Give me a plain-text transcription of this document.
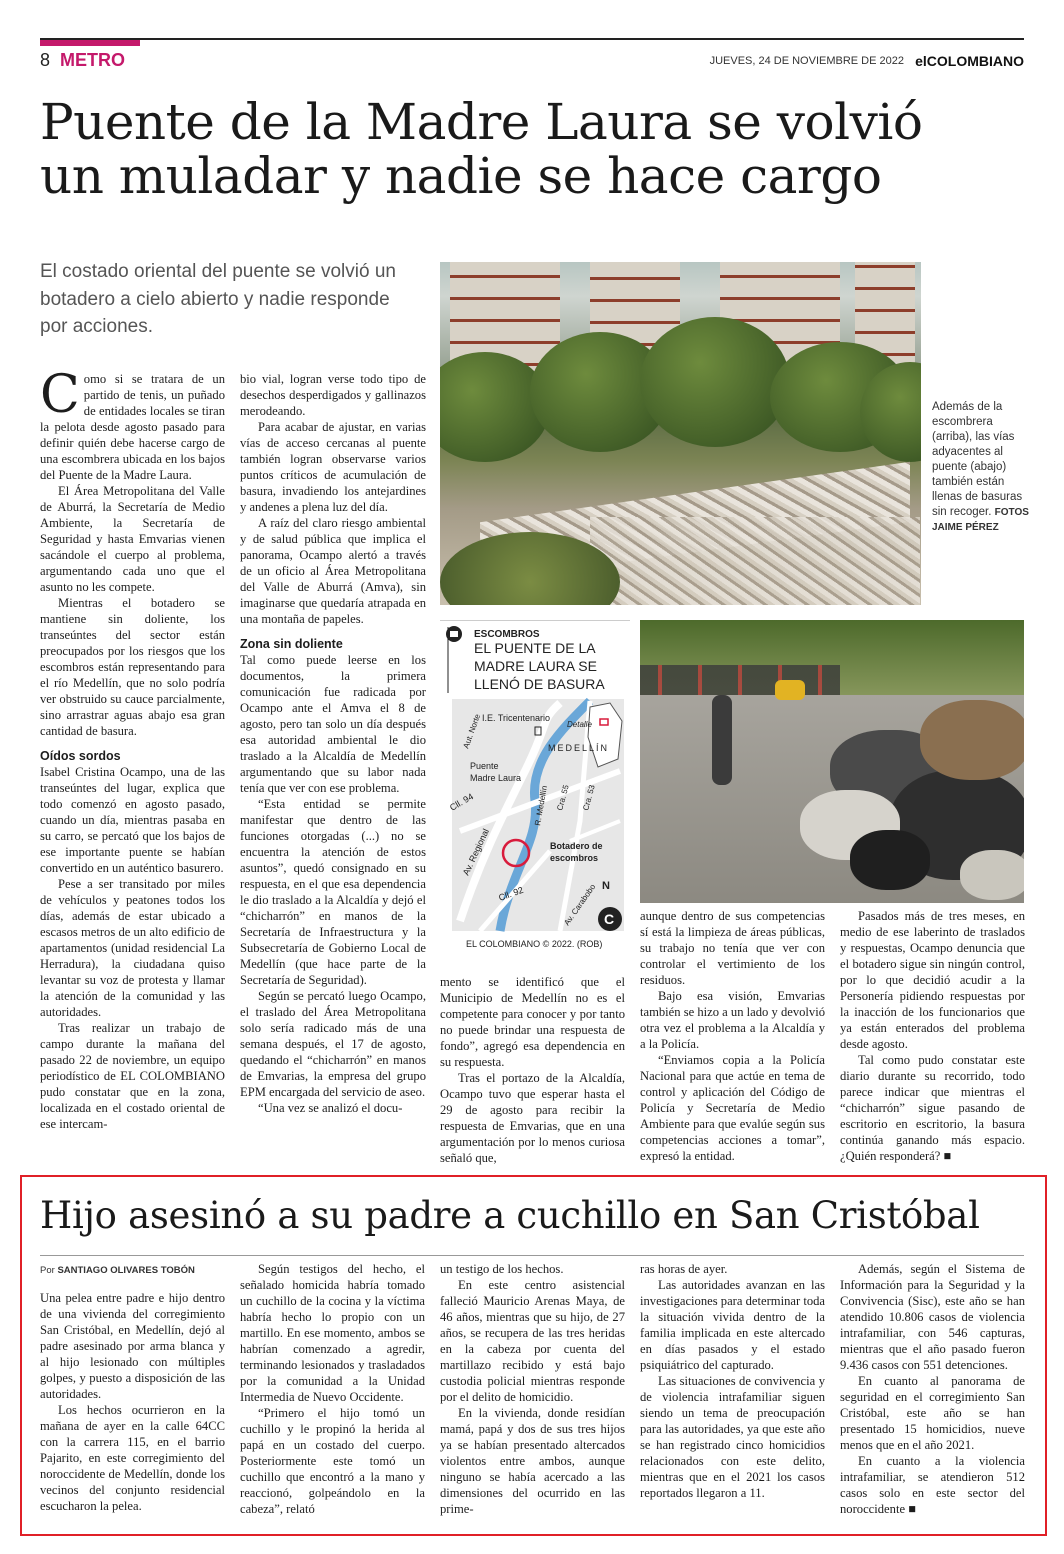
8 METRO	JUEVES, 24 DE NOVIEMBRE DE 2022 elCOLOMBIANO
Puente de la Madre Laura se volvió
un muladar y nadie se hace cargo
El costado oriental del puente se volvió un botadero a cielo abierto y nadie responde por acciones.

Como si se tratara de un partido de tenis, un puñado de entidades locales se tiran la pelota desde agosto pasado para definir quién debe hacerse cargo de una escombrera ubicada en los bajos del Puente de la Madre Laura.

El Área Metropolitana del Valle de Aburrá, la Secretaría de Medio Ambiente, la Secretaría de Seguridad y hasta Emvarias vienen sacándole el cuerpo al problema, argumentando cada uno que el asunto no les compete.

Mientras el botadero se mantiene sin doliente, los transeúntes del sector están preocupados por los riesgos que los escombros están representando para el río Medellín, que no solo podría ver obstruido su cauce parcialmente, sino arrastrar aguas abajo esa gran cantidad de basura.

Oídos sordos

Isabel Cristina Ocampo, una de las transeúntes del lugar, explica que todo comenzó en agosto pasado, cuando un día, mientras pasaba en su carro, se percató que los bajos de ese importante puente se habían convertido en un auténtico basurero.

Pese a ser transitado por miles de vehículos y peatones todos los días, además de estar ubicado a escasos metros de un alto edificio de apartamentos (unidad residencial La Herradura), la ciudadana quiso levantar su voz de protesta y llamar la atención de la comunidad y las autoridades.

Tras realizar un trabajo de campo durante la mañana del pasado 22 de noviembre, un equipo periodístico de EL COLOMBIANO pudo constatar que en la zona, localizada en el costado oriental de ese intercam-

bio vial, logran verse todo tipo de desechos desperdigados y gallinazos merodeando.

Para acabar de ajustar, en varias vías de acceso cercanas al puente también logran observarse varios puntos críticos de acumulación de basura, invadiendo los antejardines y andenes a plena luz del día.

A raíz del claro riesgo ambiental y de salud pública que implica el panorama, Ocampo alertó a través de un oficio al Área Metropolitana del Valle de Aburrá (Amva), sin imaginarse que quedaría atrapada en una montaña de papeles.

Zona sin doliente

Tal como puede leerse en los documentos, la primera comunicación fue radicada por Ocampo ante el Amva el 8 de agosto, pero tan solo un día después esa autoridad ambiental le dio traslado a la Alcaldía de Medellín argumentando que su labor nada tenía que ver con ese problema.

“Esta entidad se permite manifestar que dentro de las funciones otorgadas (...) no se encuentra la atención de estos asuntos”, quedó consignado en su respuesta, en el que esa dependencia le dio traslado a la Alcaldía y dejó el “chicharrón” en manos de la Secretaría de Infraestructura y la Subsecretaría de Gobierno Local de Medellín (que hace parte de la Secretaría de Seguridad).

Según se percató luego Ocampo, el traslado del Área Metropolitana solo sería radicado más de una semana después, el 17 de agosto, quedando el “chicharrón” en manos de Emvarias, la empresa del grupo EPM encargada del servicio de aseo.

“Una vez se analizó el docu-

Además de la escombrera (arriba), las vías adyacentes al puente (abajo) también están llenas de basuras sin recoger. FOTOS
JAIME PÉREZ
ESCOMBROS
EL PUENTE DE LA
MADRE LAURA SE
LLENÓ DE BASURA
Detalle
I.E. Tricentenario
MEDELLÍN
Aut. Norte
Puente
Madre Laura
Cll. 94	R. Medellín Cra. 55 Cra. 53
Av. Regional	Botadero de
escombros
Cll. 92	Av. Carabobo N
C
EL COLOMBIANO © 2022. (ROB)

mento se identificó que el Municipio de Medellín no es el competente para conocer y por tanto no puede brindar una respuesta de fondo”, agregó esa dependencia en su respuesta.

Tras el portazo de la Alcaldía, Ocampo tuvo que esperar hasta el 29 de agosto para recibir la respuesta de Emvarias, que en una argumentación por lo menos curiosa señaló que,

aunque dentro de sus competencias sí está la limpieza de áreas públicas, su trabajo no tenía que ver con controlar el vertimiento de los residuos.

Bajo esa visión, Emvarias también se hizo a un lado y devolvió otra vez el problema a la Alcaldía y a la Policía.

“Enviamos copia a la Policía Nacional para que actúe en tema de control y aplicación del Código de Policía y Secretaría de Medio Ambiente para que evalúe según sus competencias acciones a tomar”, expresó la entidad.

Pasados más de tres meses, en medio de ese laberinto de traslados y respuestas, Ocampo denuncia que el botadero sigue sin ningún control, por lo que decidió acudir a la Personería pidiendo respuestas por la inacción de los funcionarios que ya están enterados del problema desde agosto.

Tal como pudo constatar este diario durante su recorrido, todo parece indicar que mientras el “chicharrón” sigue pasando de escritorio en escritorio, la basura continúa ganando más espacio. ¿Quién responderá? ■

Hijo asesinó a su padre a cuchillo en San Cristóbal
Por SANTIAGO OLIVARES TOBÓN

Una pelea entre padre e hijo dentro de una vivienda del corregimiento San Cristóbal, en Medellín, dejó al padre asesinado por arma blanca y al hijo lesionado con múltiples golpes, y puesto a disposición de las autoridades.

Los hechos ocurrieron en la mañana de ayer en la calle 64CC con la carrera 115, en el barrio Pajarito, en este corregimiento del noroccidente de Medellín, donde los vecinos del conjunto residencial escucharon la pelea.

Según testigos del hecho, el señalado homicida habría tomado un cuchillo de la cocina y la víctima habría hecho lo propio con un martillo. En ese momento, ambos se habrían comenzado a agredir, terminando lesionados y trasladados por la comunidad a la Unidad Intermedia de Nuevo Occidente.

“Primero el hijo tomó un cuchillo y le propinó la herida al papá en un costado del cuerpo. Posteriormente este tomó un cuchillo que encontró a la mano y reaccionó, golpeándolo en la cabeza”, relató

un testigo de los hechos.

En este centro asistencial falleció Mauricio Arenas Maya, de 46 años, mientras que su hijo, de 27 años, se recupera de las tres heridas en la cabeza por cuenta del martillazo recibido y está bajo custodia policial mientras responde por el delito de homicidio.

En la vivienda, donde residían mamá, papá y dos de sus tres hijos ya se habían presentado altercados violentos entre ambos, aunque ninguno se había acercado a las dimensiones del ocurrido en las prime-

ras horas de ayer.

Las autoridades avanzan en las investigaciones para determinar toda la situación vivida dentro de la familia implicada en este altercado en días pasados y el estado psiquiátrico del capturado.

Las situaciones de convivencia y de violencia intrafamiliar siguen siendo un tema de preocupación para las autoridades, ya que este año se han registrado cinco homicidios relacionados con este delito, mientras que en el 2021 los casos reportados llegaron a 11.

Además, según el Sistema de Información para la Seguridad y la Convivencia (Sisc), este año se han atendido 10.806 casos de violencia intrafamiliar, con 546 capturas, mientras que el año pasado fueron 9.436 casos con 551 detenciones.

En cuanto al panorama de seguridad en el corregimiento San Cristóbal, este año se han presentado 15 homicidios, nueve menos que en el año 2021.

En cuanto a la violencia intrafamiliar, se atendieron 512 casos solo en este sector del noroccidente ■
